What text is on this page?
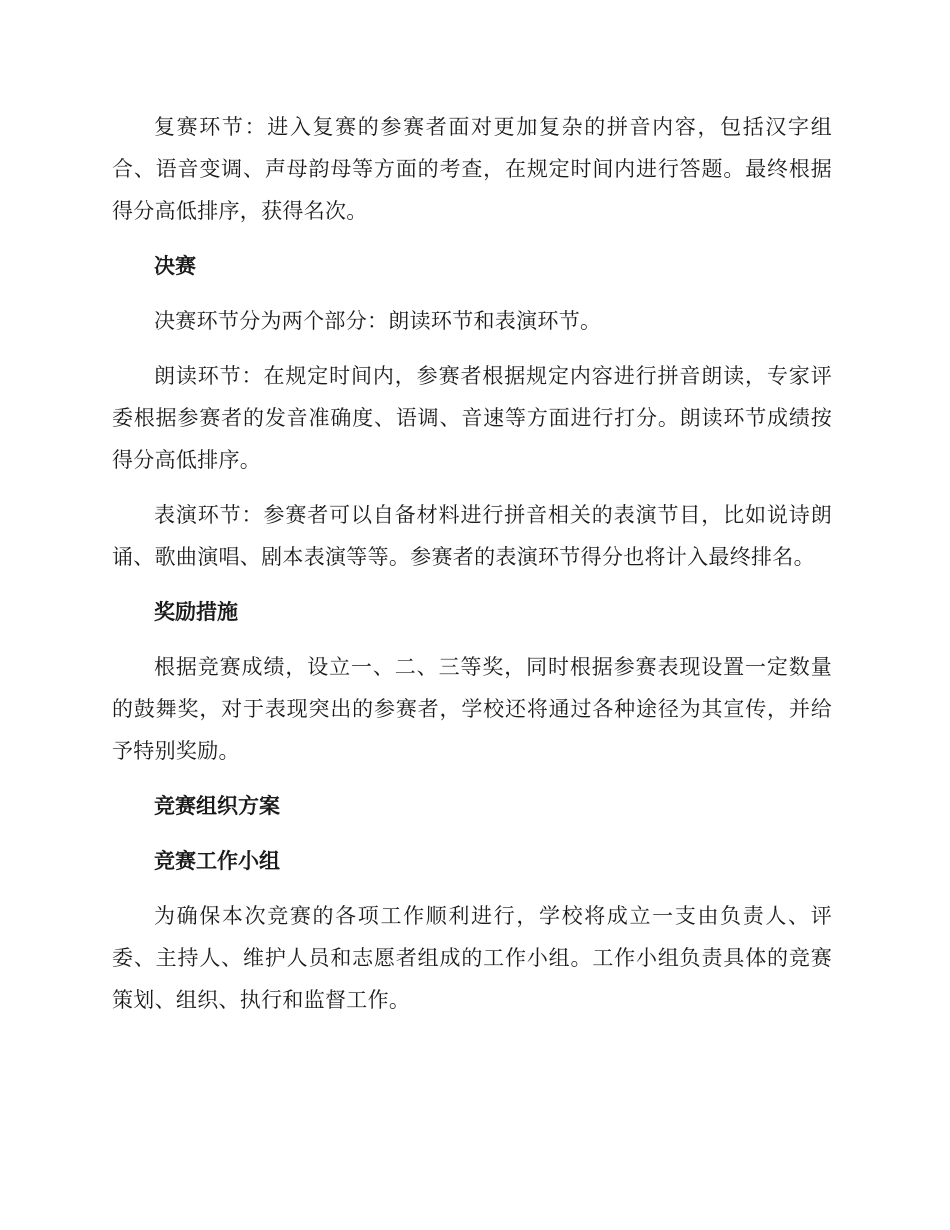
复赛环节：进入复赛的参赛者面对更加复杂的拼音内容，包括汉字组合、语音变调、声母韵母等方面的考查，在规定时间内进行答题。最终根据得分高低排序，获得名次。

决赛

决赛环节分为两个部分：朗读环节和表演环节。

朗读环节：在规定时间内，参赛者根据规定内容进行拼音朗读，专家评委根据参赛者的发音准确度、语调、音速等方面进行打分。朗读环节成绩按得分高低排序。

表演环节：参赛者可以自备材料进行拼音相关的表演节目，比如说诗朗诵、歌曲演唱、剧本表演等等。参赛者的表演环节得分也将计入最终排名。

奖励措施

根据竞赛成绩，设立一、二、三等奖，同时根据参赛表现设置一定数量的鼓舞奖，对于表现突出的参赛者，学校还将通过各种途径为其宣传，并给予特别奖励。

竞赛组织方案

竞赛工作小组

为确保本次竞赛的各项工作顺利进行，学校将成立一支由负责人、评委、主持人、维护人员和志愿者组成的工作小组。工作小组负责具体的竞赛策划、组织、执行和监督工作。
